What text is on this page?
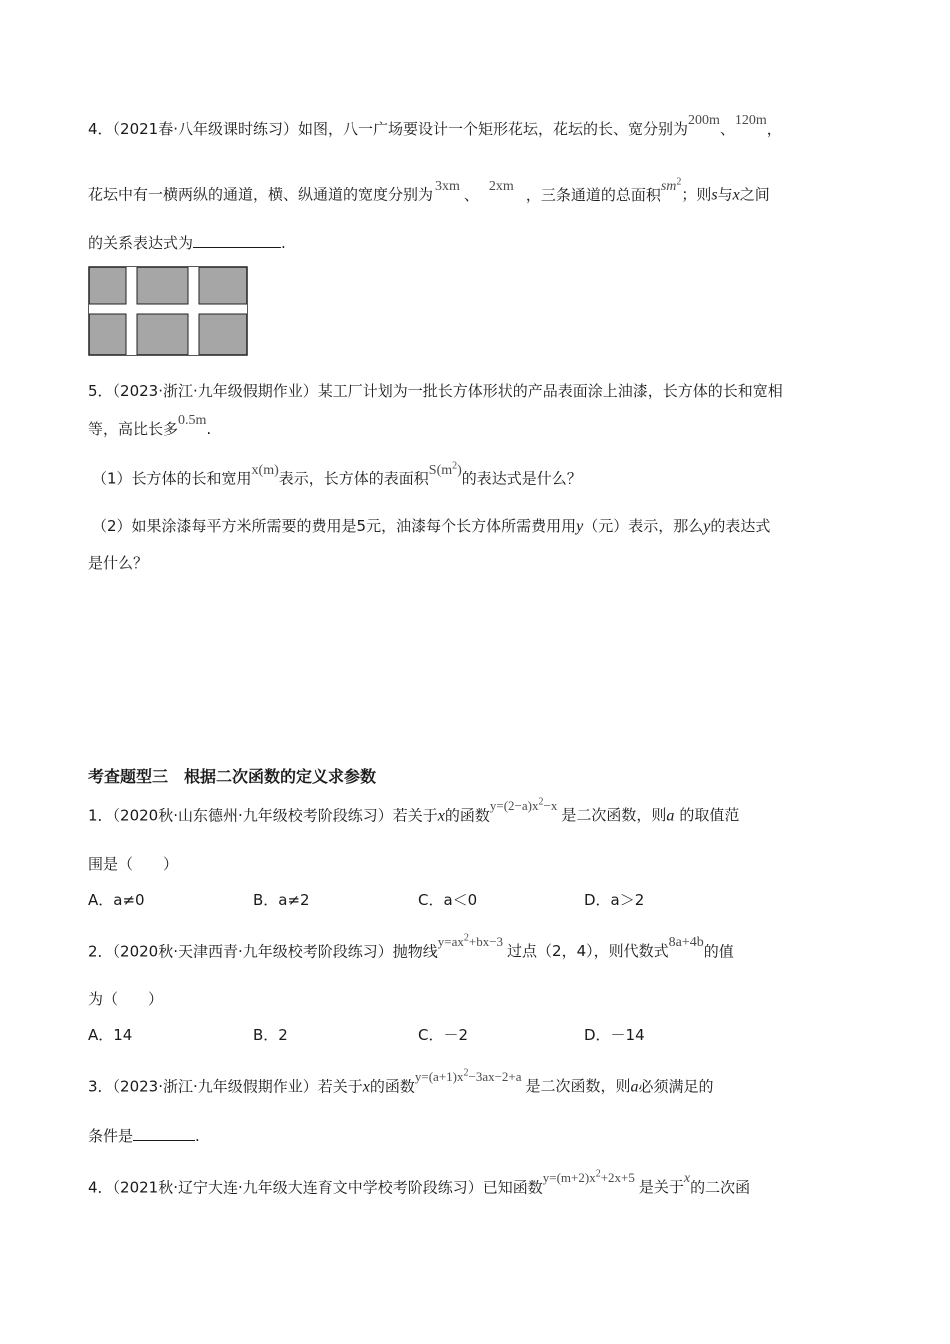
4．（2021春·八年级课时练习）如图，八一广场要设计一个矩形花坛，花坛的长、宽分别为200m、120m，
花坛中有一横两纵的通道，横、纵通道的宽度分别为 3xm 、 2xm ，三条通道的总面积$sm^2$；则s与x之间
的关系表达式为	.
5．（2023·浙江·九年级假期作业）某工厂计划为一批长方体形状的产品表面涂上油漆，长方体的长和宽相
等，高比长多0.5m.
（1）长方体的长和宽用x(m)表示，长方体的表面积$S(m^2)$的表达式是什么？
（2）如果涂漆每平方米所需要的费用是5元，油漆每个长方体所需费用用y（元）表示，那么y的表达式
是什么？
考查题型三　根据二次函数的定义求参数
1．（2020秋·山东德州·九年级校考阶段练习）若关于x的函数$y=(2-a)x^2-x$是二次函数，则a 的取值范
围是（　　）
A．a≠0	B．a≠2	C．a＜0	D．a＞2
2．（2020秋·天津西青·九年级校考阶段练习）抛物线$y=ax^2+bx-3$过点（2，4），则代数式8a+4b的值
为（　　）
A．14	B．2	C．－2	D．－14
3．（2023·浙江·九年级假期作业）若关于x的函数$y=(a+1)x^2-3ax-2+a$是二次函数，则a必须满足的
条件是	.
4．（2021秋·辽宁大连·九年级大连育文中学校考阶段练习）已知函数$y=(m+2)x^2+2x+5$是关于x的二次函
